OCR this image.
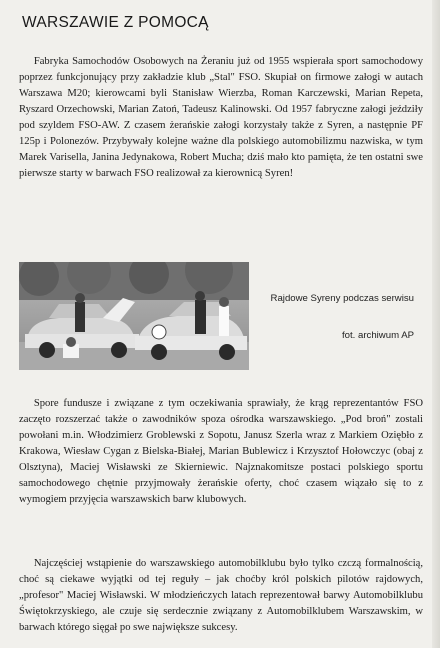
WARSZAWIE Z POMOCĄ

Fabryka Samochodów Osobowych na Żeraniu już od 1955 wspierała sport samochodowy poprzez funkcjonujący przy zakładzie klub „Stal" FSO. Skupiał on firmowe załogi w autach Warszawa M20; kierowcami byli Stanisław Wierzba, Roman Karczewski, Marian Repeta, Ryszard Orzechowski, Marian Zatoń, Tadeusz Kalinowski. Od 1957 fabryczne załogi jeździły pod szyldem FSO-AW. Z czasem żerańskie załogi korzystały także z Syren, a następnie PF 125p i Polonezów. Przybywały kolejne ważne dla polskiego automobilizmu nazwiska, w tym Marek Varisella, Janina Jedynakowa, Robert Mucha; dziś mało kto pamięta, że ten ostatni swe pierwsze starty w barwach FSO realizował za kierownicą Syren!

Rajdowe Syreny podczas serwisu
fot. archiwum AP

Spore fundusze i związane z tym oczekiwania sprawiały, że krąg reprezentantów FSO zaczęto rozszerzać także o zawodników spoza ośrodka warszawskiego. „Pod broń" zostali powołani m.in. Włodzimierz Groblewski z Sopotu, Janusz Szerla wraz z Markiem Oziębło z Krakowa, Wiesław Cygan z Bielska-Białej, Marian Bublewicz i Krzysztof Hołowczyc (obaj z Olsztyna), Maciej Wisławski ze Skierniewic. Najznakomitsze postaci polskiego sportu samochodowego chętnie przyjmowały żerańskie oferty, choć czasem wiązało się to z wymogiem przyjęcia warszawskich barw klubowych.

Najczęściej wstąpienie do warszawskiego automobilklubu było tylko czczą formalnością, choć są ciekawe wyjątki od tej reguły – jak choćby król polskich pilotów rajdowych, „profesor" Maciej Wisławski. W młodzieńczych latach reprezentował barwy Automobilklubu Świętokrzyskiego, ale czuje się serdecznie związany z Automobilklubem Warszawskim, w barwach którego sięgał po swe największe sukcesy.
